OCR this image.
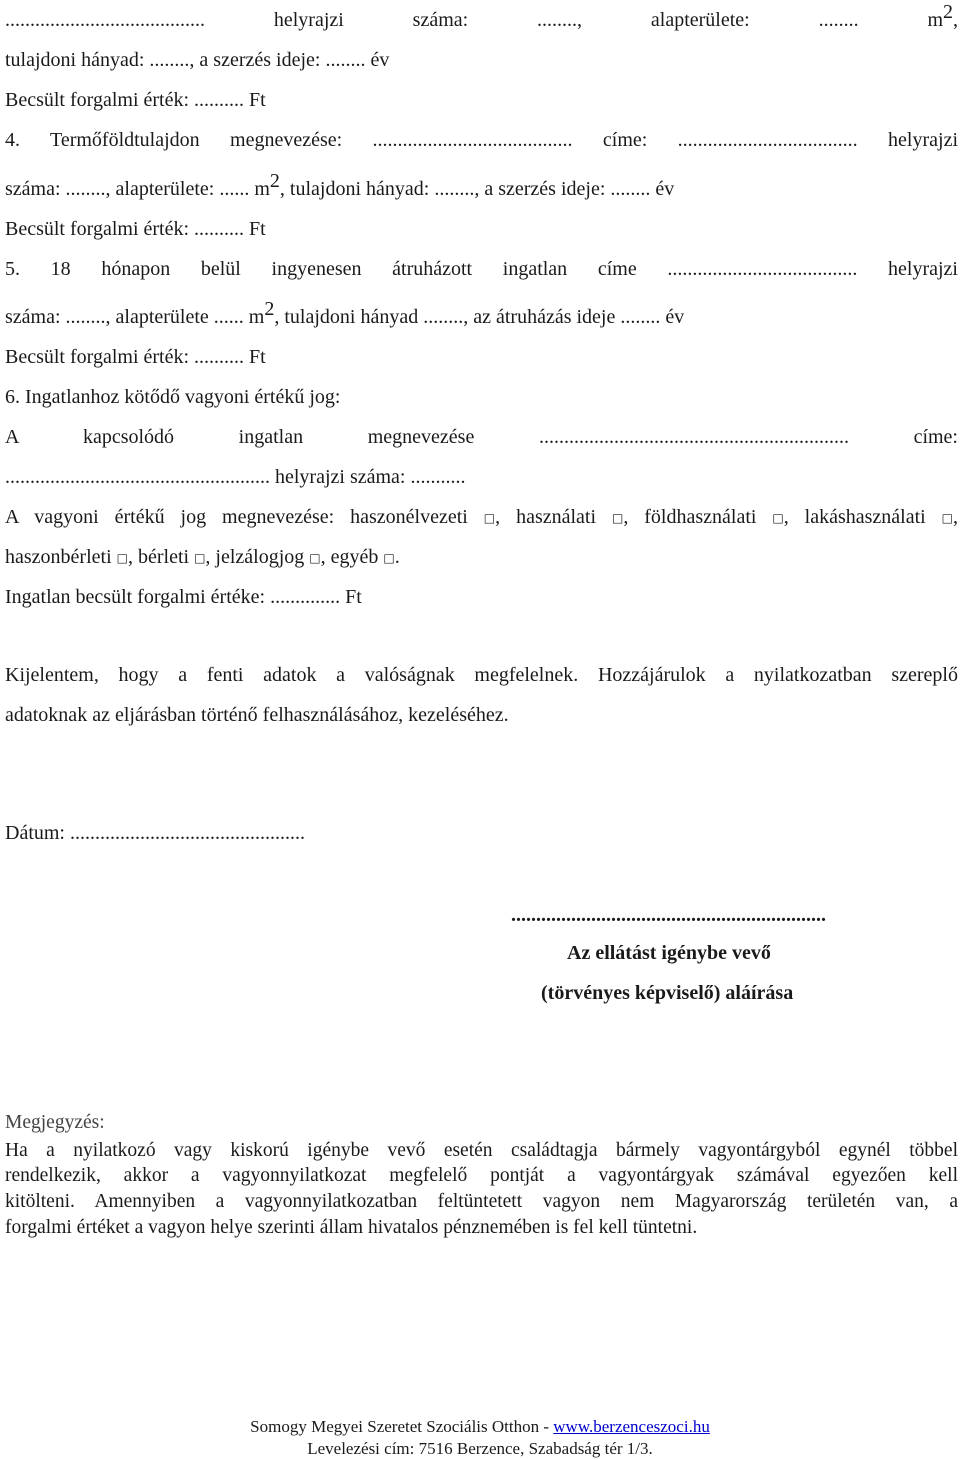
........................................ helyrajzi száma: ........, alapterülete: ........ m2,
tulajdoni hányad: ........, a szerzés ideje: ........ év
Becsült forgalmi érték: .......... Ft
4. Termőföldtulajdon megnevezése: ........................................ címe: .................................... helyrajzi
száma: ........, alapterülete: ...... m2, tulajdoni hányad: ........, a szerzés ideje: ........ év
Becsült forgalmi érték: .......... Ft
5. 18 hónapon belül ingyenesen átruházott ingatlan címe ...................................... helyrajzi
száma: ........, alapterülete ...... m2, tulajdoni hányad ........, az átruházás ideje ........ év
Becsült forgalmi érték: .......... Ft
6. Ingatlanhoz kötődő vagyoni értékű jog:
A kapcsolódó ingatlan megnevezése .............................................................. címe:
..................................................... helyrajzi száma: ...........
A vagyoni értékű jog megnevezése: haszonélvezeti □, használati □, földhasználati □, lakáshasználati □,
haszonbérleti □, bérleti □, jelzálogjog □, egyéb □.
Ingatlan becsült forgalmi értéke: .............. Ft
Kijelentem, hogy a fenti adatok a valóságnak megfelelnek. Hozzájárulok a nyilatkozatban szereplő
adatoknak az eljárásban történő felhasználásához, kezeléséhez.
Dátum: ...............................................
...............................................................
Az ellátást igénybe vevő
(törvényes képviselő) aláírása
Megjegyzés:
Ha a nyilatkozó vagy kiskorú igénybe vevő esetén családtagja bármely vagyontárgyból egynél többel
rendelkezik, akkor a vagyonnyilatkozat megfelelő pontját a vagyontárgyak számával egyezően kell
kitölteni. Amennyiben a vagyonnyilatkozatban feltüntetett vagyon nem Magyarország területén van, a
forgalmi értéket a vagyon helye szerinti állam hivatalos pénznemében is fel kell tüntetni.
Somogy Megyei Szeretet Szociális Otthon - www.berzenceszoci.hu
Levelezési cím: 7516 Berzence, Szabadság tér 1/3.
